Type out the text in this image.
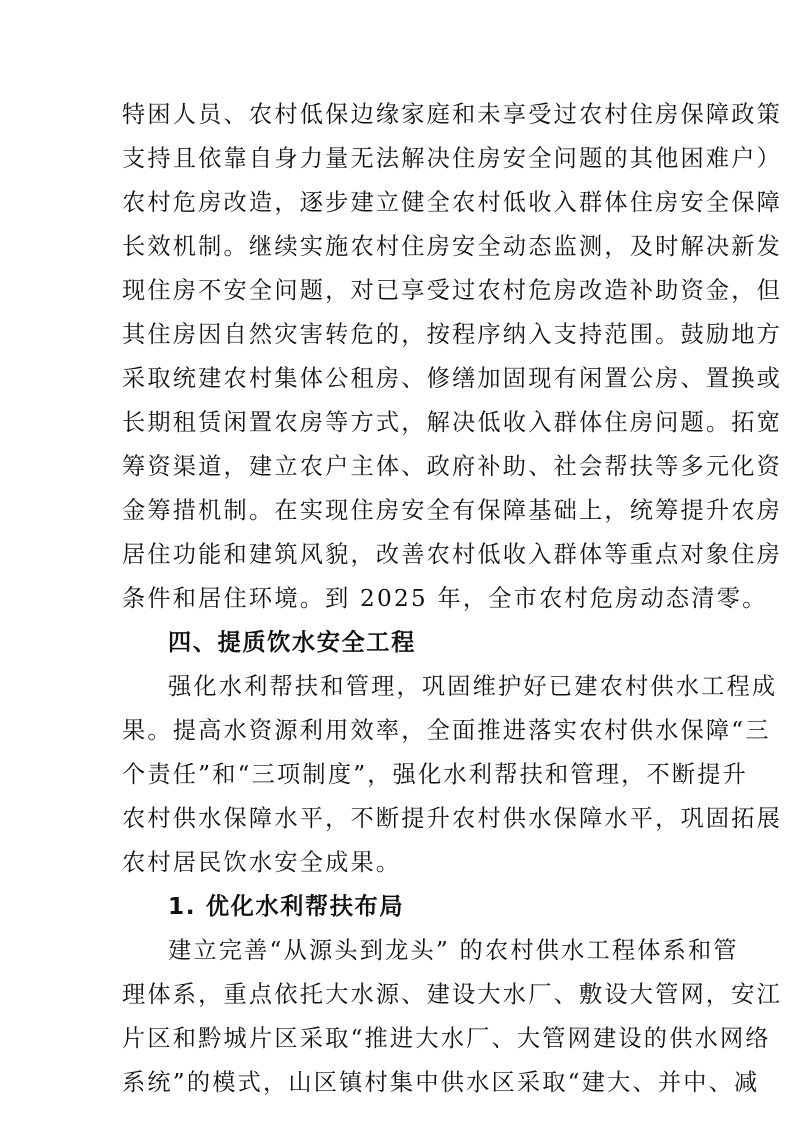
特困人员、农村低保边缘家庭和未享受过农村住房保障政策
支持且依靠自身力量无法解决住房安全问题的其他困难户）
农村危房改造，逐步建立健全农村低收入群体住房安全保障
长效机制。继续实施农村住房安全动态监测，及时解决新发
现住房不安全问题，对已享受过农村危房改造补助资金，但
其住房因自然灾害转危的，按程序纳入支持范围。鼓励地方
采取统建农村集体公租房、修缮加固现有闲置公房、置换或
长期租赁闲置农房等方式，解决低收入群体住房问题。拓宽
筹资渠道，建立农户主体、政府补助、社会帮扶等多元化资
金筹措机制。在实现住房安全有保障基础上，统筹提升农房
居住功能和建筑风貌，改善农村低收入群体等重点对象住房
条件和居住环境。到 2025 年，全市农村危房动态清零。
四、提质饮水安全工程
强化水利帮扶和管理，巩固维护好已建农村供水工程成
果。提高水资源利用效率，全面推进落实农村供水保障“三
个责任”和“三项制度”，强化水利帮扶和管理，不断提升
农村供水保障水平，不断提升农村供水保障水平，巩固拓展
农村居民饮水安全成果。
1. 优化水利帮扶布局
建立完善“从源头到龙头” 的农村供水工程体系和管
理体系，重点依托大水源、建设大水厂、敷设大管网，安江
片区和黔城片区采取“推进大水厂、大管网建设的供水网络
系统”的模式，山区镇村集中供水区采取“建大、并中、减
